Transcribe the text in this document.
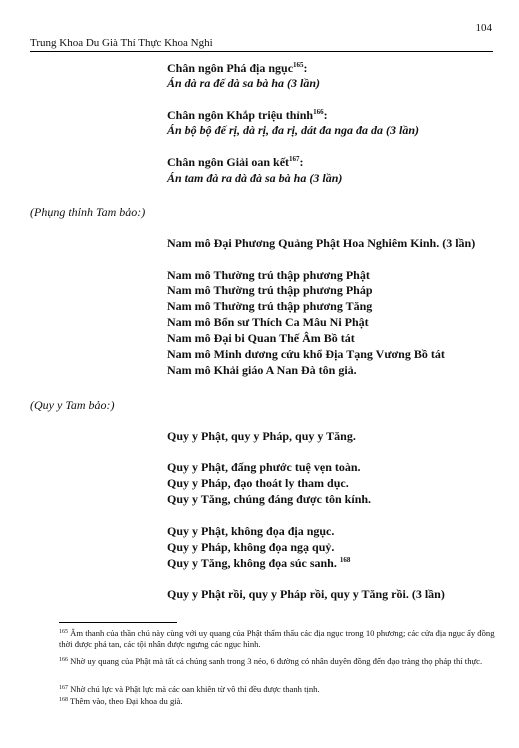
104
Trung Khoa Du Già Thí Thực Khoa Nghi
Chân ngôn Phá địa ngục$^{165}$:
Án dà ra đế dà sa bà ha (3 lần)
Chân ngôn Khắp triệu thỉnh$^{166}$:
Án bộ bộ đế rị, dà rị, đa rị, dát đa nga đa da (3 lần)
Chân ngôn Giải oan kết$^{167}$:
Án tam đà ra dà đà sa bà ha (3 lần)
(Phụng thỉnh Tam bảo:)
Nam mô Đại Phương Quảng Phật Hoa Nghiêm Kinh. (3 lần)
Nam mô Thường trú thập phương Phật
Nam mô Thường trú thập phương Pháp
Nam mô Thường trú thập phương Tăng
Nam mô Bổn sư Thích Ca Mâu Ni Phật
Nam mô Đại bi Quan Thế Âm Bồ tát
Nam mô Minh dương cứu khổ Địa Tạng Vương Bồ tát
Nam mô Khải giáo A Nan Đà tôn giả.
(Quy y Tam bảo:)
Quy y Phật, quy y Pháp, quy y Tăng.
Quy y Phật, đấng phước tuệ vẹn toàn.
Quy y Pháp, đạo thoát ly tham dục.
Quy y Tăng, chúng đáng được tôn kính.
Quy y Phật, không đọa địa ngục.
Quy y Pháp, không đọa ngạ quỷ.
Quy y Tăng, không đọa súc sanh. $^{168}$
Quy y Phật rồi, quy y Pháp rồi, quy y Tăng rồi. (3 lần)
$^{165}$ Âm thanh của thần chú này cùng với uy quang của Phật thấm thấu các địa ngục trong 10 phương; các cửa địa ngục ấy đồng thời được phá tan, các tội nhân được ngưng các ngục hình.
$^{166}$ Nhờ uy quang của Phật mà tất cả chúng sanh trong 3 nẻo, 6 đường có nhân duyên đồng đến đạo tràng thọ pháp thí thực.
$^{167}$ Nhờ chú lực và Phật lực mà các oan khiên từ vô thỉ đều được thanh tịnh.
$^{168}$ Thêm vào, theo Đại khoa du già.
